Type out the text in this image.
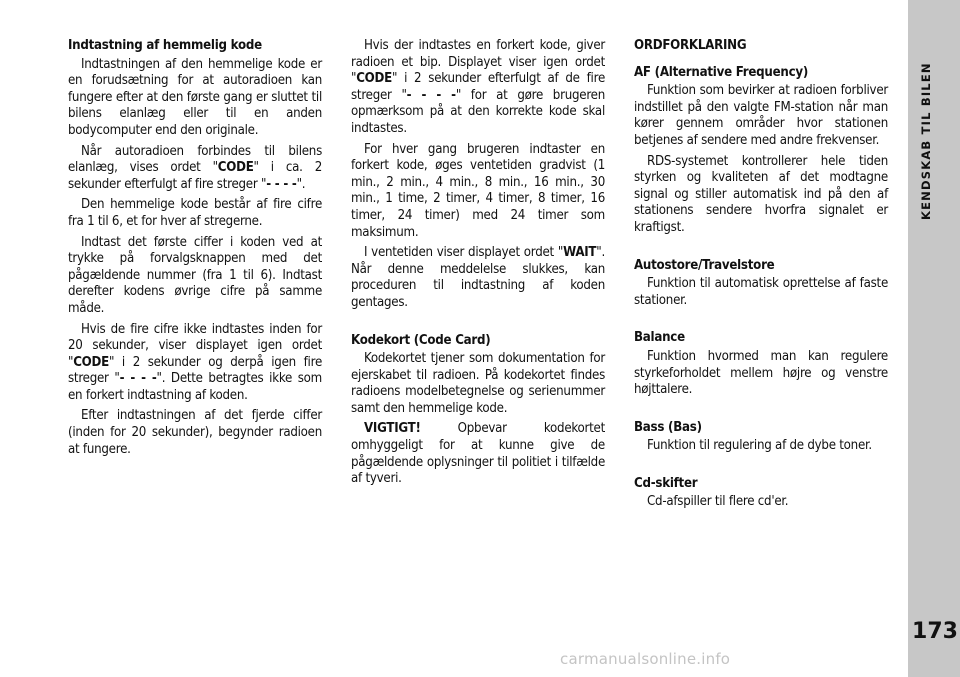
Indtastning af hemmelig kode

Indtastningen af den hemmelige kode er en forudsætning for at autoradioen kan fungere efter at den første gang er sluttet til bilens elanlæg eller til en anden bodycomputer end den originale.

Når autoradioen forbindes til bilens elanlæg, vises ordet "CODE" i ca. 2 sekunder efterfulgt af fire streger "- - - -".

Den hemmelige kode består af fire cifre fra 1 til 6, et for hver af stregerne.

Indtast det første ciffer i koden ved at trykke på forvalgsknappen med det pågældende nummer (fra 1 til 6). Indtast derefter kodens øvrige cifre på samme måde.

Hvis de fire cifre ikke indtastes inden for 20 sekunder, viser displayet igen ordet "CODE" i 2 sekunder og derpå igen fire streger "- - - -". Dette betragtes ikke som en forkert indtastning af koden.

Efter indtastningen af det fjerde ciffer (inden for 20 sekunder), begynder radioen at fungere.

Hvis der indtastes en forkert kode, giver radioen et bip. Displayet viser igen ordet "CODE" i 2 sekunder efterfulgt af de fire streger "- - - -" for at gøre brugeren opmærksom på at den korrekte kode skal indtastes.

For hver gang brugeren indtaster en forkert kode, øges ventetiden gradvist (1 min., 2 min., 4 min., 8 min., 16 min., 30 min., 1 time, 2 timer, 4 timer, 8 timer, 16 timer, 24 timer) med 24 timer som maksimum.

I ventetiden viser displayet ordet "WAIT". Når denne meddelelse slukkes, kan proceduren til indtastning af koden gentages.

Kodekort (Code Card)

Kodekortet tjener som dokumentation for ejerskabet til radioen. På kodekortet findes radioens modelbetegnelse og serienummer samt den hemmelige kode.

VIGTIGT! Opbevar kodekortet omhyggeligt for at kunne give de pågældende oplysninger til politiet i tilfælde af tyveri.

ORDFORKLARING
AF (Alternative Frequency)

Funktion som bevirker at radioen forbliver indstillet på den valgte FM-station når man kører gennem områder hvor stationen betjenes af sendere med andre frekvenser.

RDS-systemet kontrollerer hele tiden styrken og kvaliteten af det modtagne signal og stiller automatisk ind på den af stationens sendere hvorfra signalet er kraftigst.

Autostore/Travelstore

Funktion til automatisk oprettelse af faste stationer.

Balance

Funktion hvormed man kan regulere styrkeforholdet mellem højre og venstre højttalere.

Bass (Bas)

Funktion til regulering af de dybe toner.

Cd-skifter

Cd-afspiller til flere cd'er.

KENDSKAB TIL BILEN
173
carmanualsonline.info
